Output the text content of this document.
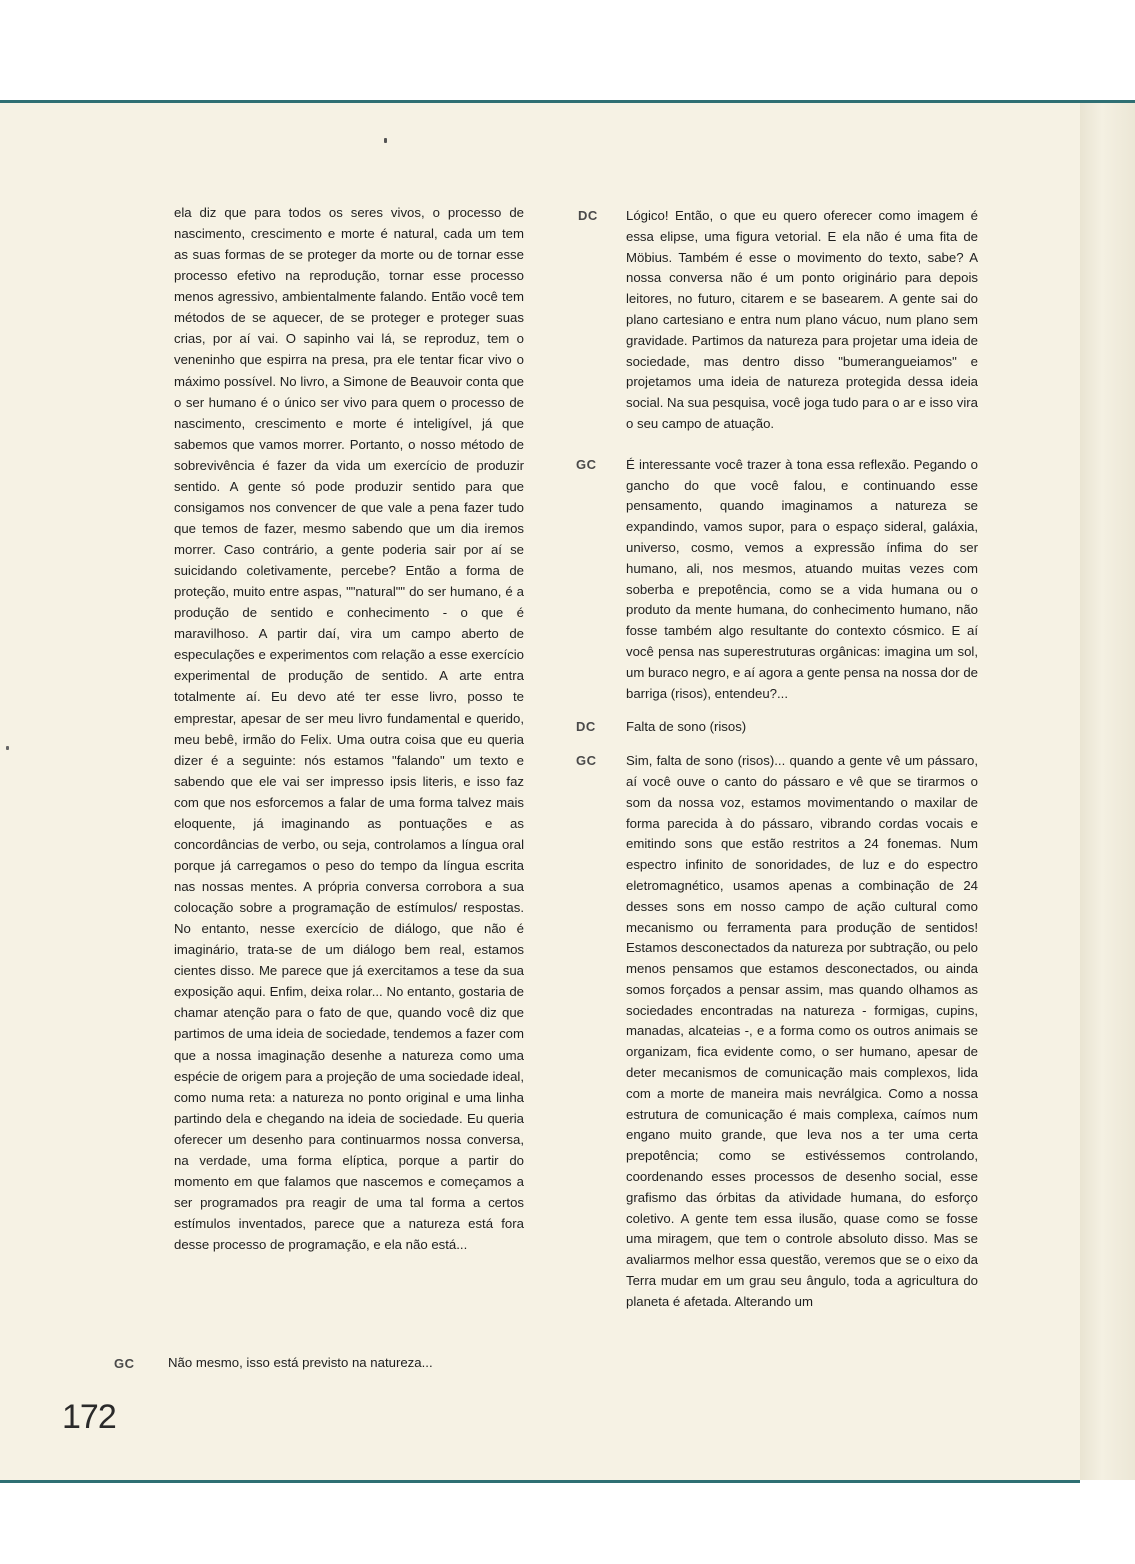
ela diz que para todos os seres vivos, o processo de nascimento, crescimento e morte é natural, cada um tem as suas formas de se proteger da morte ou de tornar esse processo efetivo na reprodução, tornar esse processo menos agressivo, ambientalmente falando. Então você tem métodos de se aquecer, de se proteger e proteger suas crias, por aí vai. O sapinho vai lá, se reproduz, tem o veneninho que espirra na presa, pra ele tentar ficar vivo o máximo possível. No livro, a Simone de Beauvoir conta que o ser humano é o único ser vivo para quem o processo de nascimento, crescimento e morte é inteligível, já que sabemos que vamos morrer. Portanto, o nosso método de sobrevivência é fazer da vida um exercício de produzir sentido. A gente só pode produzir sentido para que consigamos nos convencer de que vale a pena fazer tudo que temos de fazer, mesmo sabendo que um dia iremos morrer. Caso contrário, a gente poderia sair por aí se suicidando coletivamente, percebe? Então a forma de proteção, muito entre aspas, ""natural"" do ser humano, é a produção de sentido e conhecimento - o que é maravilhoso. A partir daí, vira um campo aberto de especulações e experimentos com relação a esse exercício experimental de produção de sentido. A arte entra totalmente aí. Eu devo até ter esse livro, posso te emprestar, apesar de ser meu livro fundamental e querido, meu bebê, irmão do Felix. Uma outra coisa que eu queria dizer é a seguinte: nós estamos "falando" um texto e sabendo que ele vai ser impresso ipsis literis, e isso faz com que nos esforcemos a falar de uma forma talvez mais eloquente, já imaginando as pontuações e as concordâncias de verbo, ou seja, controlamos a língua oral porque já carregamos o peso do tempo da língua escrita nas nossas mentes. A própria conversa corrobora a sua colocação sobre a programação de estímulos/ respostas. No entanto, nesse exercício de diálogo, que não é imaginário, trata-se de um diálogo bem real, estamos cientes disso. Me parece que já exercitamos a tese da sua exposição aqui. Enfim, deixa rolar... No entanto, gostaria de chamar atenção para o fato de que, quando você diz que partimos de uma ideia de sociedade, tendemos a fazer com que a nossa imaginação desenhe a natureza como uma espécie de origem para a projeção de uma sociedade ideal, como numa reta: a natureza no ponto original e uma linha partindo dela e chegando na ideia de sociedade. Eu queria oferecer um desenho para continuarmos nossa conversa, na verdade, uma forma elíptica, porque a partir do momento em que falamos que nascemos e começamos a ser programados pra reagir de uma tal forma a certos estímulos inventados, parece que a natureza está fora desse processo de programação, e ela não está...

GC	Não mesmo, isso está previsto na natureza...
DC
GC
DC
GC

Lógico! Então, o que eu quero oferecer como imagem é essa elipse, uma figura vetorial. E ela não é uma fita de Möbius. Também é esse o movimento do texto, sabe? A nossa conversa não é um ponto originário para depois leitores, no futuro, citarem e se basearem. A gente sai do plano cartesiano e entra num plano vácuo, num plano sem gravidade. Partimos da natureza para projetar uma ideia de sociedade, mas dentro disso "bumerangueiamos" e projetamos uma ideia de natureza protegida dessa ideia social. Na sua pesquisa, você joga tudo para o ar e isso vira o seu campo de atuação.

É interessante você trazer à tona essa reflexão. Pegando o gancho do que você falou, e continuando esse pensamento, quando imaginamos a natureza se expandindo, vamos supor, para o espaço sideral, galáxia, universo, cosmo, vemos a expressão ínfima do ser humano, ali, nos mesmos, atuando muitas vezes com soberba e prepotência, como se a vida humana ou o produto da mente humana, do conhecimento humano, não fosse também algo resultante do contexto cósmico. E aí você pensa nas superestruturas orgânicas: imagina um sol, um buraco negro, e aí agora a gente pensa na nossa dor de barriga (risos), entendeu?...

Falta de sono (risos)

Sim, falta de sono (risos)... quando a gente vê um pássaro, aí você ouve o canto do pássaro e vê que se tirarmos o som da nossa voz, estamos movimentando o maxilar de forma parecida à do pássaro, vibrando cordas vocais e emitindo sons que estão restritos a 24 fonemas. Num espectro infinito de sonoridades, de luz e do espectro eletromagnético, usamos apenas a combinação de 24 desses sons em nosso campo de ação cultural como mecanismo ou ferramenta para produção de sentidos! Estamos desconectados da natureza por subtração, ou pelo menos pensamos que estamos desconectados, ou ainda somos forçados a pensar assim, mas quando olhamos as sociedades encontradas na natureza - formigas, cupins, manadas, alcateias -, e a forma como os outros animais se organizam, fica evidente como, o ser humano, apesar de deter mecanismos de comunicação mais complexos, lida com a morte de maneira mais nevrálgica. Como a nossa estrutura de comunicação é mais complexa, caímos num engano muito grande, que leva nos a ter uma certa prepotência; como se estivéssemos controlando, coordenando esses processos de desenho social, esse grafismo das órbitas da atividade humana, do esforço coletivo. A gente tem essa ilusão, quase como se fosse uma miragem, que tem o controle absoluto disso. Mas se avaliarmos melhor essa questão, veremos que se o eixo da Terra mudar em um grau seu ângulo, toda a agricultura do planeta é afetada. Alterando um

172
